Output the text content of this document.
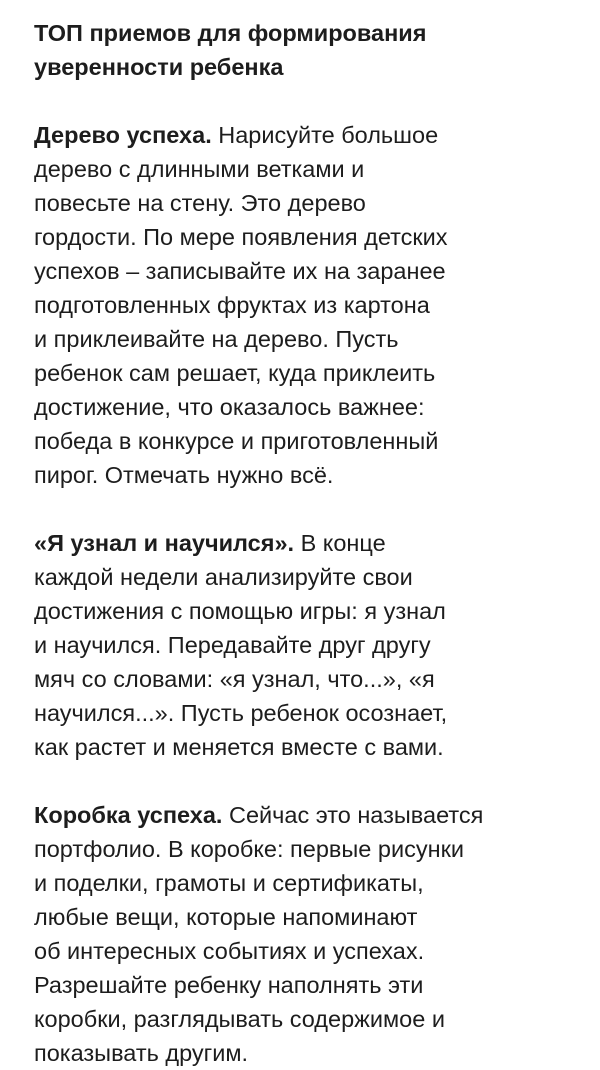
ТОП приемов для формирования
уверенности ребенка

Дерево успеха. Нарисуйте большое
дерево с длинными ветками и
повесьте на стену. Это дерево
гордости. По мере появления детских
успехов – записывайте их на заранее
подготовленных фруктах из картона
и приклеивайте на дерево. Пусть
ребенок сам решает, куда приклеить
достижение, что оказалось важнее:
победа в конкурсе и приготовленный
пирог. Отмечать нужно всё.

«Я узнал и научился». В конце
каждой недели анализируйте свои
достижения с помощью игры: я узнал
и научился. Передавайте друг другу
мяч со словами: «я узнал, что...», «я
научился...». Пусть ребенок осознает,
как растет и меняется вместе с вами.

Коробка успеха. Сейчас это называется
портфолио. В коробке: первые рисунки
и поделки, грамоты и сертификаты,
любые вещи, которые напоминают
об интересных событиях и успехах.
Разрешайте ребенку наполнять эти
коробки, разглядывать содержимое и
показывать другим.
